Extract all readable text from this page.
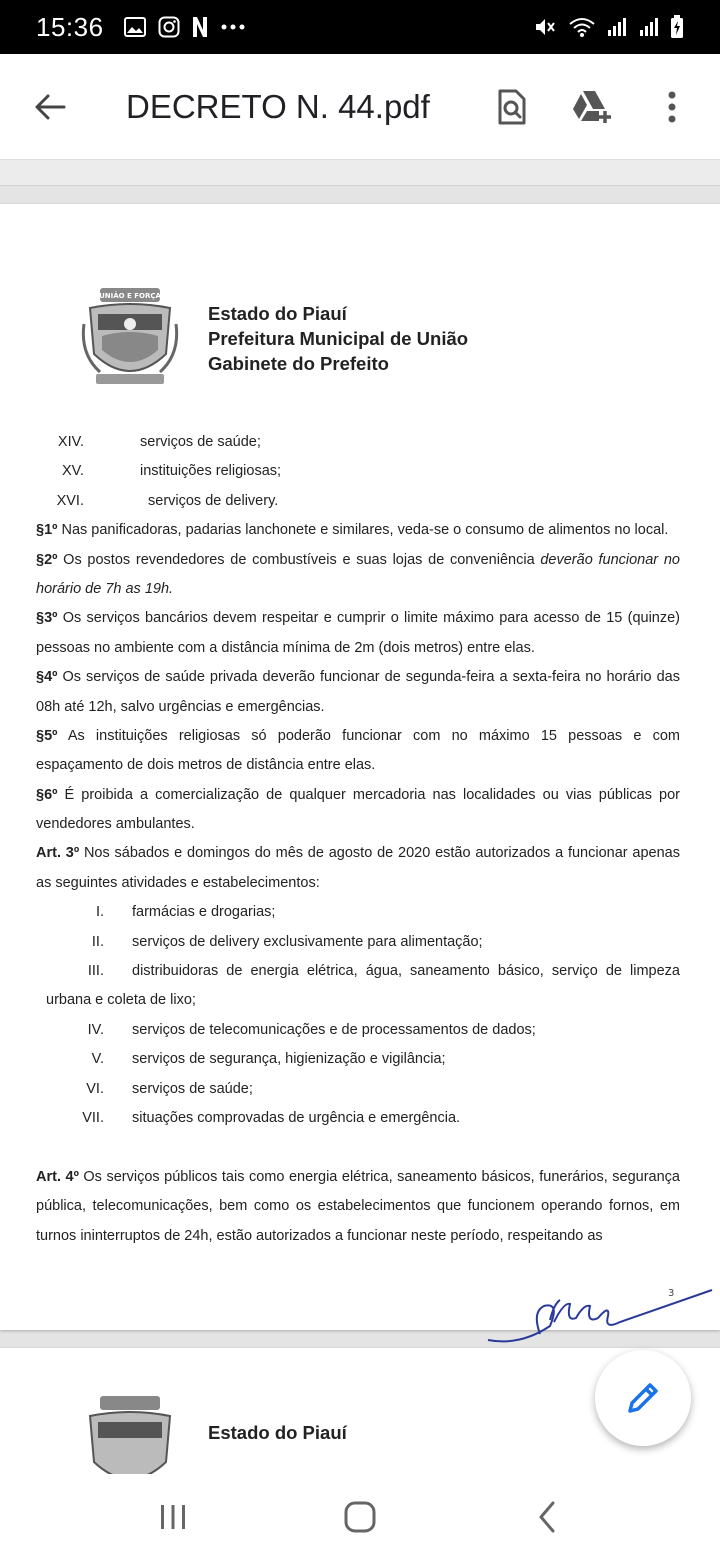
15:36
DECRETO N. 44.pdf
UNIÃO E FORÇA
Estado do Piauí
Prefeitura Municipal de União
Gabinete do Prefeito
XIV.	serviços de saúde;
XV.	instituições religiosas;
XVI.	serviços de delivery.
§1º Nas panificadoras, padarias lanchonete e similares, veda-se o consumo de alimentos no local.
§2º Os postos revendedores de combustíveis e suas lojas de conveniência deverão funcionar no
horário de 7h as 19h.
§3º Os serviços bancários devem respeitar e cumprir o limite máximo para acesso de 15 (quinze)
pessoas no ambiente com a distância mínima de 2m (dois metros) entre elas.
§4º Os serviços de saúde privada deverão funcionar de segunda-feira a sexta-feira no horário das
08h até 12h, salvo urgências e emergências.
§5º As instituições religiosas só poderão funcionar com no máximo 15 pessoas e com
espaçamento de dois metros de distância entre elas.
§6º É proibida a comercialização de qualquer mercadoria nas localidades ou vias públicas por
vendedores ambulantes.
Art. 3º Nos sábados e domingos do mês de agosto de 2020 estão autorizados a funcionar apenas
as seguintes atividades e estabelecimentos:
I. farmácias e drogarias;
II. serviços de delivery exclusivamente para alimentação;
III. distribuidoras de energia elétrica, água, saneamento básico, serviço de limpeza
urbana e coleta de lixo;
IV. serviços de telecomunicações e de processamentos de dados;
V. serviços de segurança, higienização e vigilância;
VI. serviços de saúde;
VII. situações comprovadas de urgência e emergência.
Art. 4º Os serviços públicos tais como energia elétrica, saneamento básicos, funerários, segurança
pública, telecomunicações, bem como os estabelecimentos que funcionem operando fornos, em
turnos ininterruptos de 24h, estão autorizados a funcionar neste período, respeitando as
3
Estado do Piauí
